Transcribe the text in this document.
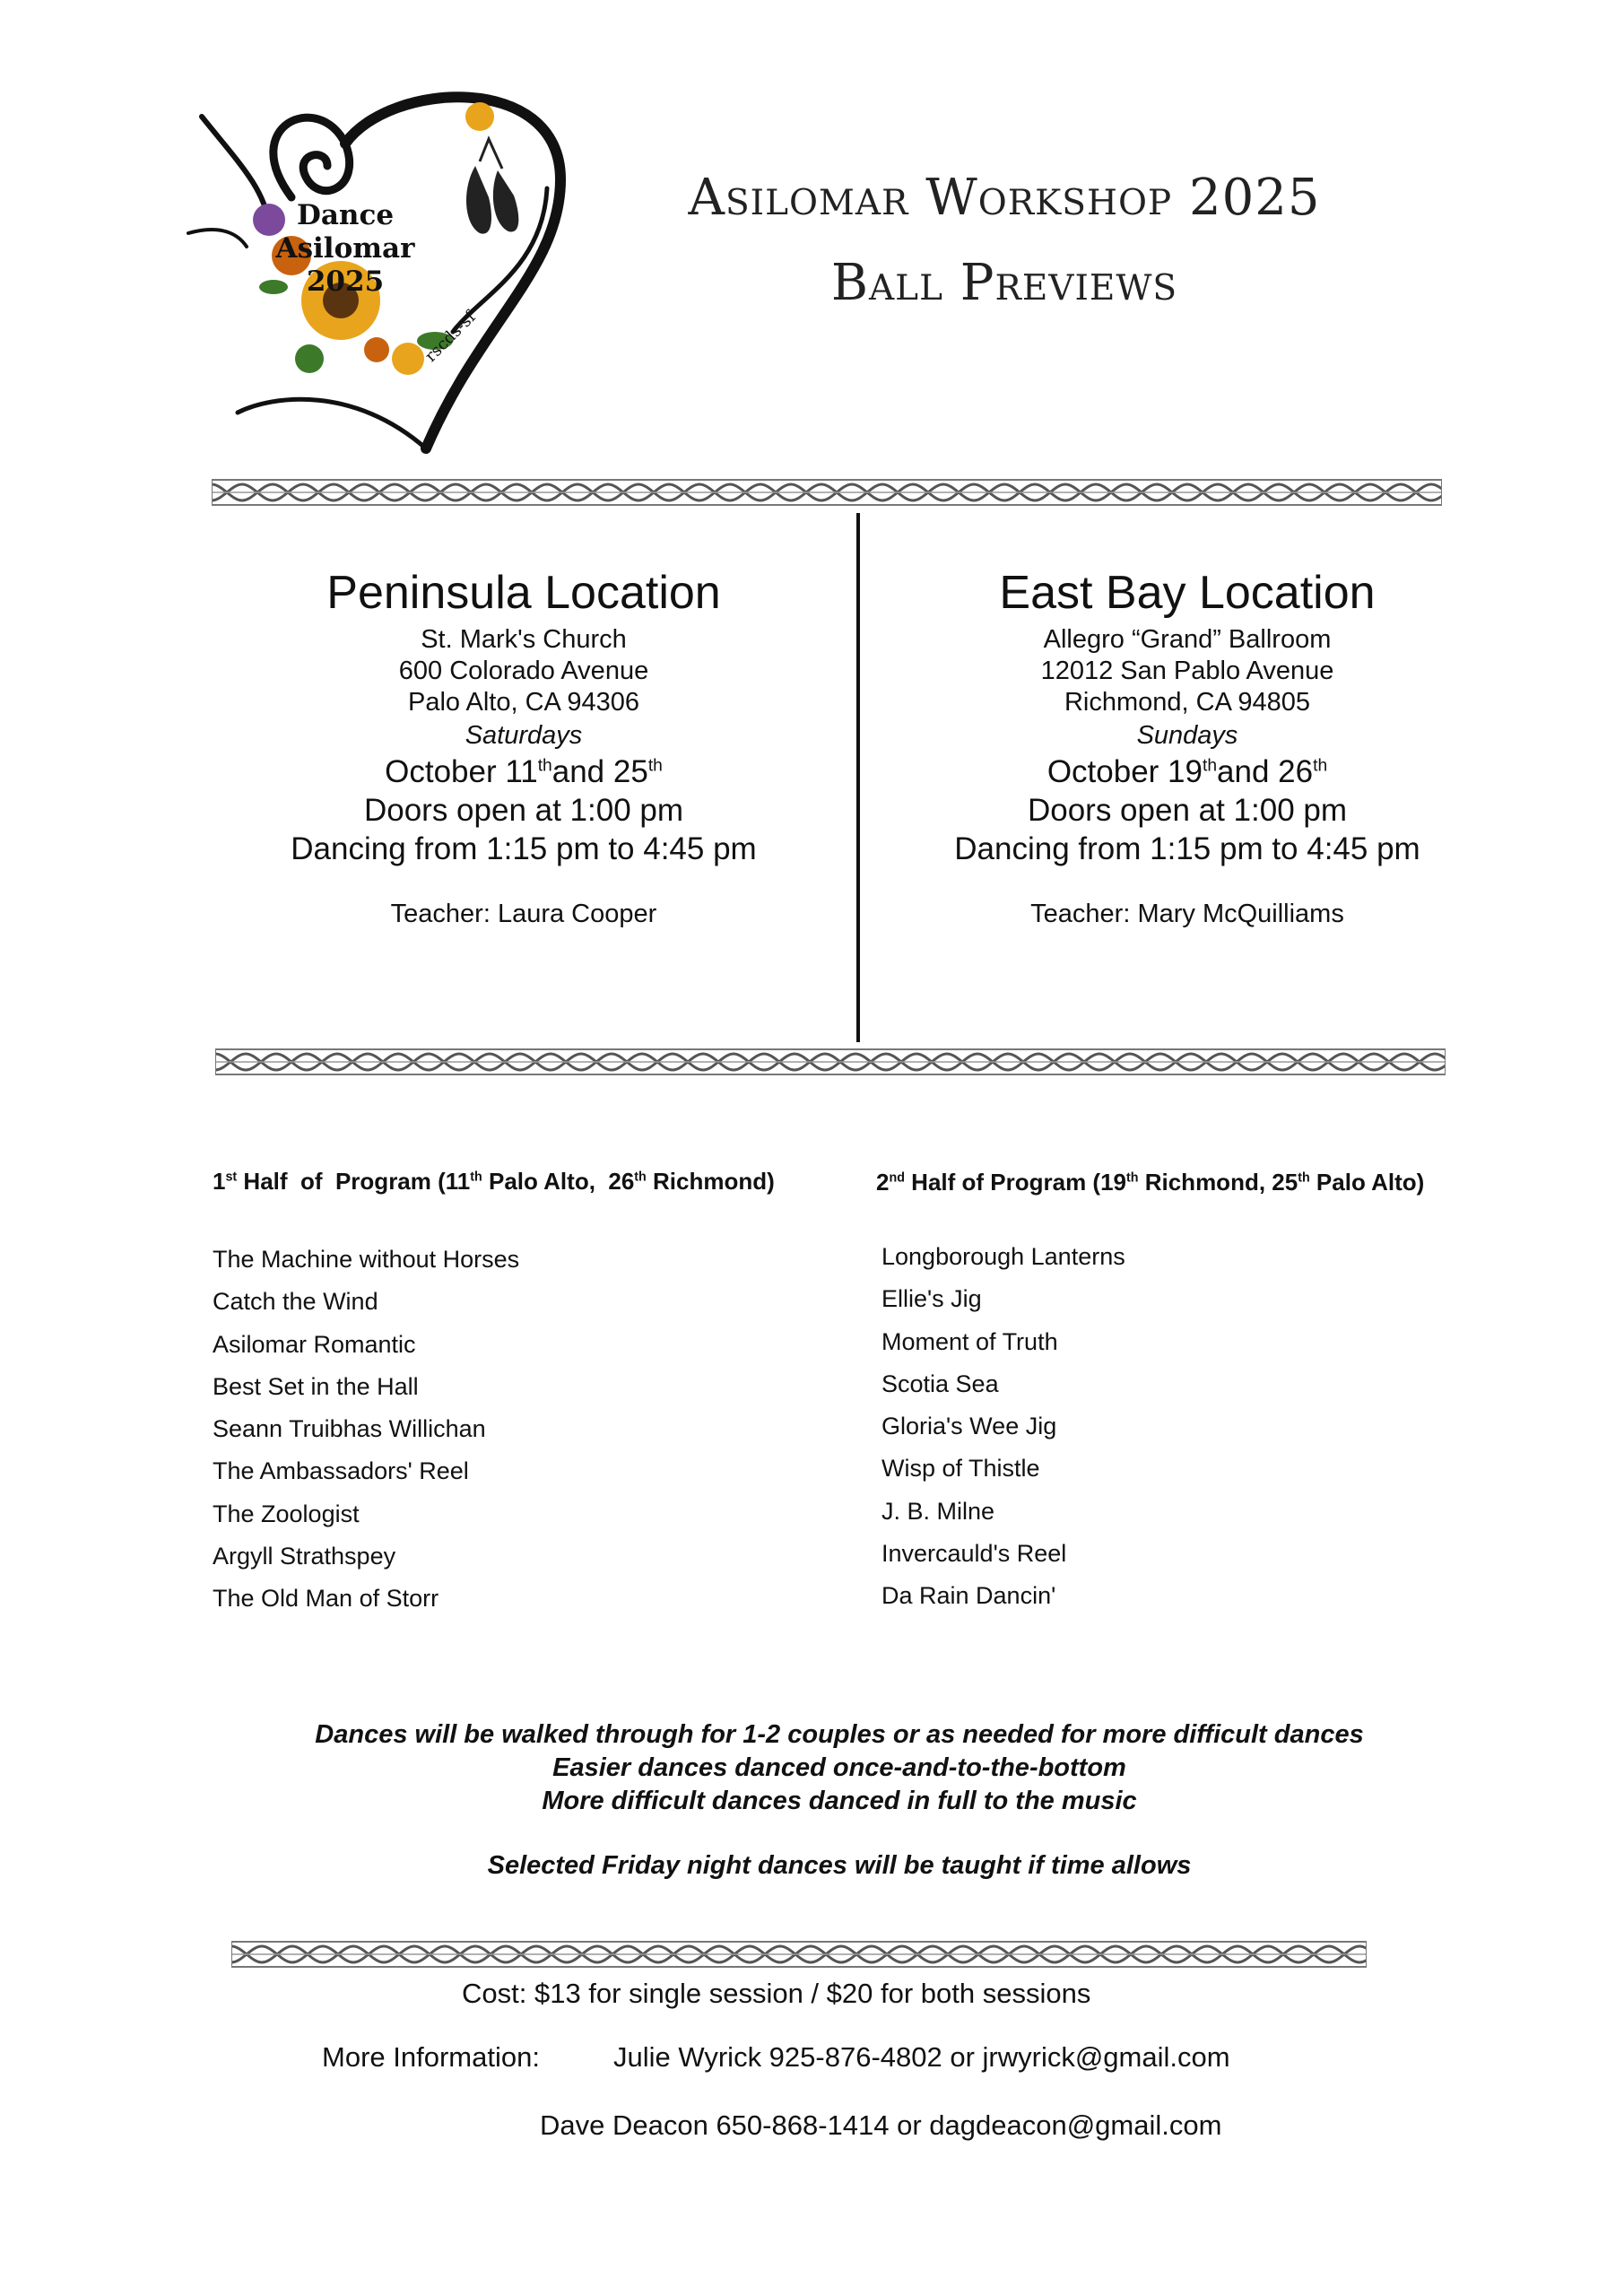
Dance
Asilomar
2025
rscds-sf
Asilomar Workshop 2025
Ball Previews
Peninsula Location
St. Mark's Church
600 Colorado Avenue
Palo Alto, CA 94306
Saturdays
October 11thand 25th
Doors open at 1:00 pm
Dancing from 1:15 pm to 4:45 pm
Teacher: Laura Cooper
East Bay Location
Allegro “Grand” Ballroom
12012 San Pablo Avenue
Richmond, CA 94805
Sundays
October 19thand 26th
Doors open at 1:00 pm
Dancing from 1:15 pm to 4:45 pm
Teacher: Mary McQuilliams
1st Half  of  Program (11th Palo Alto,  26th Richmond)	2nd Half of Program (19th Richmond, 25th Palo Alto)
The Machine without Horses
Catch the Wind
Asilomar Romantic
Best Set in the Hall
Seann Truibhas Willichan
The Ambassadors' Reel
The Zoologist
Argyll Strathspey
The Old Man of Storr
Longborough Lanterns
Ellie's Jig
Moment of Truth
Scotia Sea
Gloria's Wee Jig
Wisp of Thistle
J. B. Milne
Invercauld's Reel
Da Rain Dancin'
Dances will be walked through for 1-2 couples or as needed for more difficult dances
Easier dances danced once-and-to-the-bottom
More difficult dances danced in full to the music
Selected Friday night dances will be taught if time allows
Cost: $13 for single session / $20 for both sessions
More Information:	Julie Wyrick 925-876-4802 or jrwyrick@gmail.com
Dave Deacon 650-868-1414 or dagdeacon@gmail.com
